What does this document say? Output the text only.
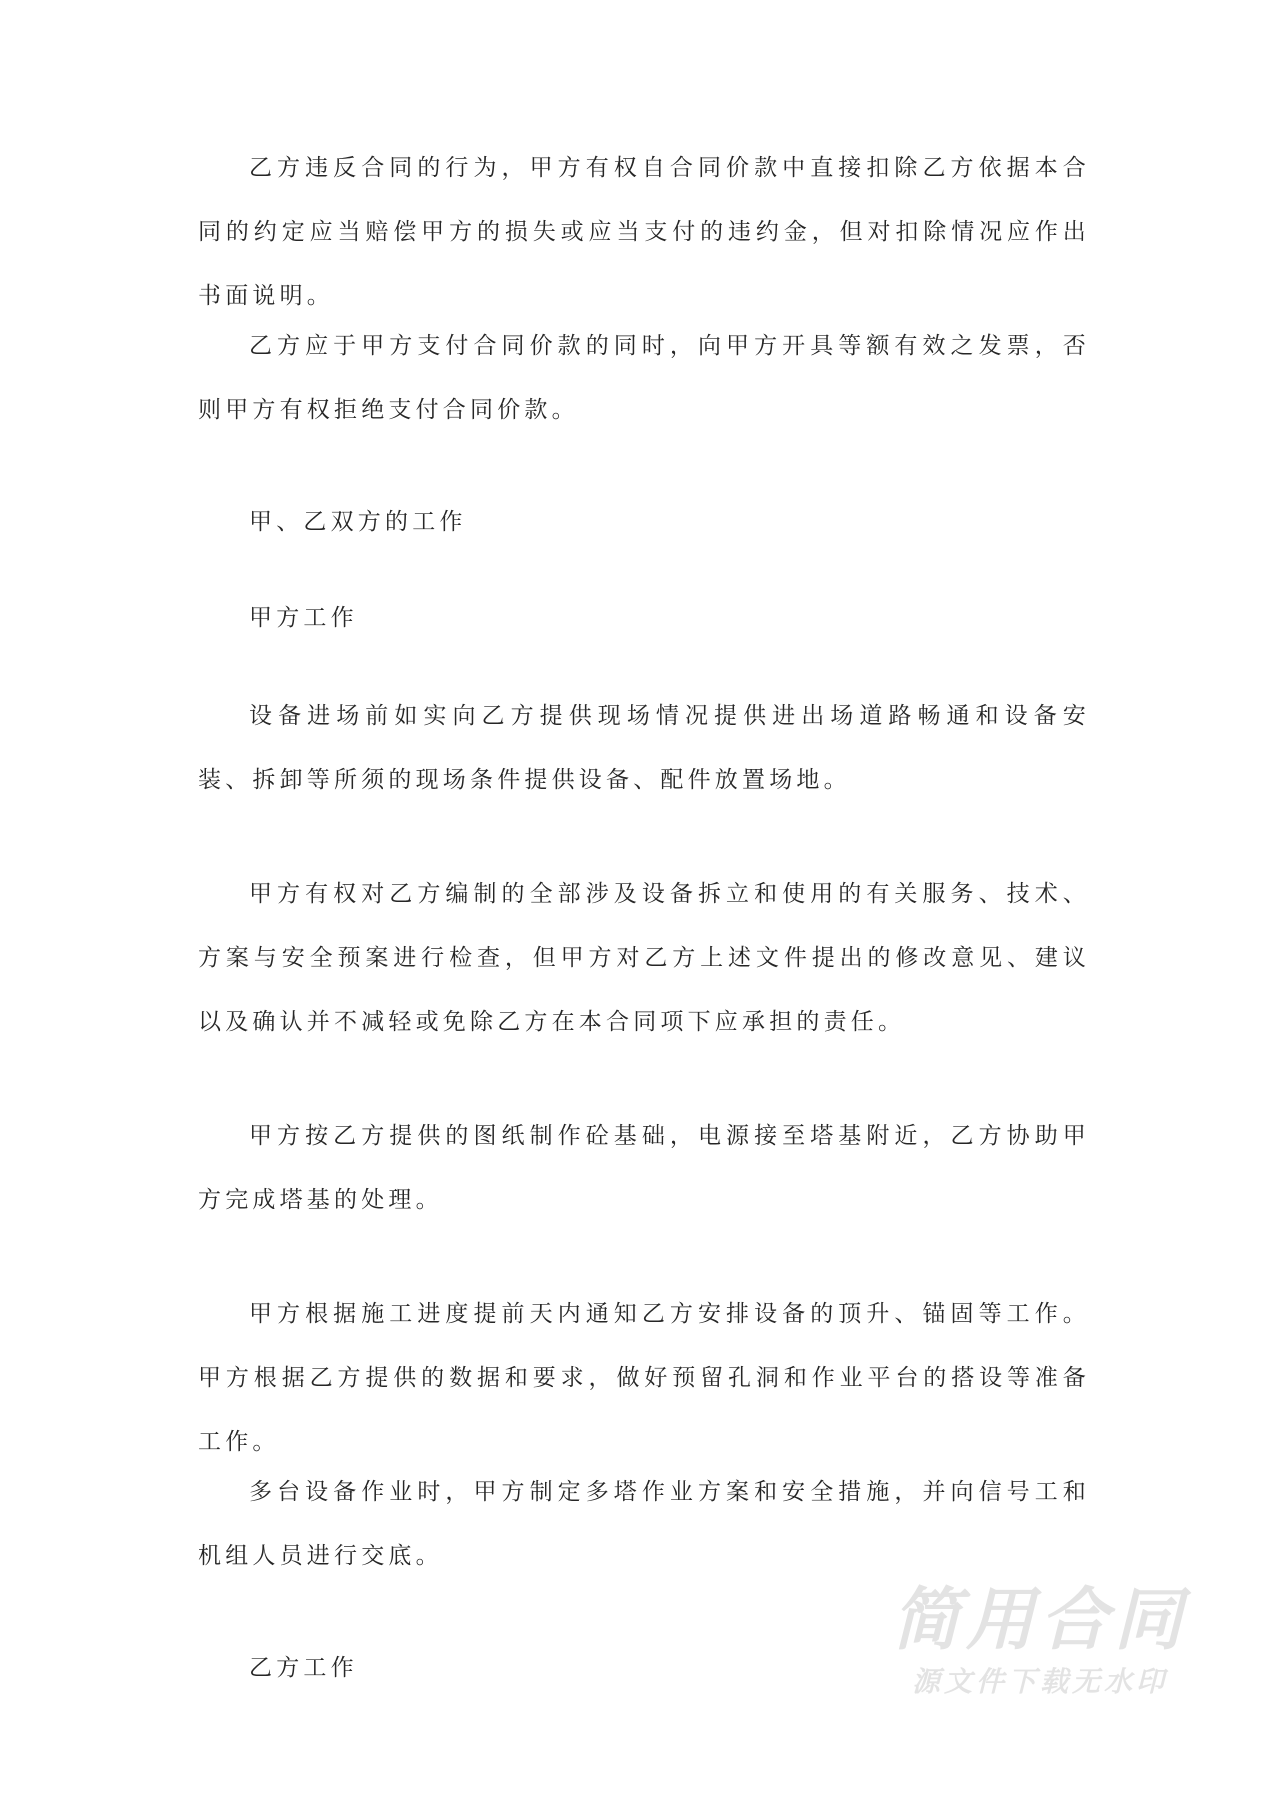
乙方违反合同的行为，甲方有权自合同价款中直接扣除乙方依据本合同的约定应当赔偿甲方的损失或应当支付的违约金，但对扣除情况应作出书面说明。

乙方应于甲方支付合同价款的同时，向甲方开具等额有效之发票，否则甲方有权拒绝支付合同价款。

甲、乙双方的工作

甲方工作

设备进场前如实向乙方提供现场情况提供进出场道路畅通和设备安装、拆卸等所须的现场条件提供设备、配件放置场地。

甲方有权对乙方编制的全部涉及设备拆立和使用的有关服务、技术、方案与安全预案进行检查，但甲方对乙方上述文件提出的修改意见、建议以及确认并不减轻或免除乙方在本合同项下应承担的责任。

甲方按乙方提供的图纸制作砼基础，电源接至塔基附近，乙方协助甲方完成塔基的处理。

甲方根据施工进度提前天内通知乙方安排设备的顶升、锚固等工作。甲方根据乙方提供的数据和要求，做好预留孔洞和作业平台的搭设等准备工作。

多台设备作业时，甲方制定多塔作业方案和安全措施，并向信号工和机组人员进行交底。

乙方工作

简用合同
源文件下载无水印
